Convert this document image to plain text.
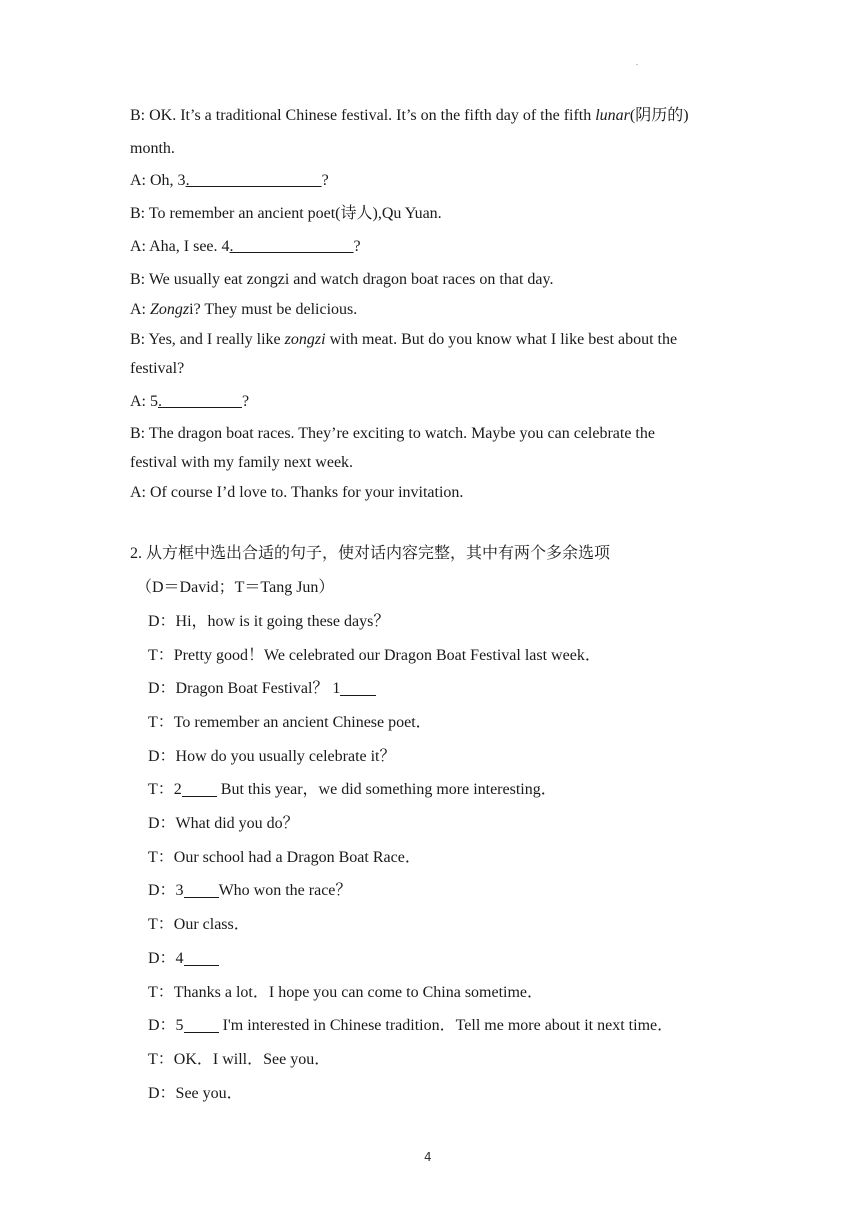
.
B: OK. It’s a traditional Chinese festival. It’s on the fifth day of the fifth lunar(阴历的)
month.
A: Oh, 3.                                 ?
B: To remember an ancient poet(诗人),Qu Yuan.
A: Aha, I see. 4.                              ?
B: We usually eat zongzi and watch dragon boat races on that day.
A: Zongzi? They must be delicious.
B: Yes, and I really like zongzi with meat. But do you know what I like best about the
festival?
A: 5.                    ?
B: The dragon boat races. They’re exciting to watch. Maybe you can celebrate the
festival with my family next week.
A: Of course I’d love to. Thanks for your invitation.
2. 从方框中选出合适的句子，使对话内容完整，其中有两个多余选项
（D＝David；T＝Tang Jun）
D：Hi，how is it going these days？
T：Pretty good！We celebrated our Dragon Boat Festival last week．
D：Dragon Boat Festival？ 1
T：To remember an ancient Chinese poet．
D：How do you usually celebrate it？
T：2 But this year，we did something more interesting．
D：What did you do？
T：Our school had a Dragon Boat Race．
D：3 Who won the race？
T：Our class．
D：4
T：Thanks a lot．I hope you can come to China sometime．
D：5 I'm interested in Chinese tradition．Tell me more about it next time．
T：OK．I will．See you．
D：See you．
4
